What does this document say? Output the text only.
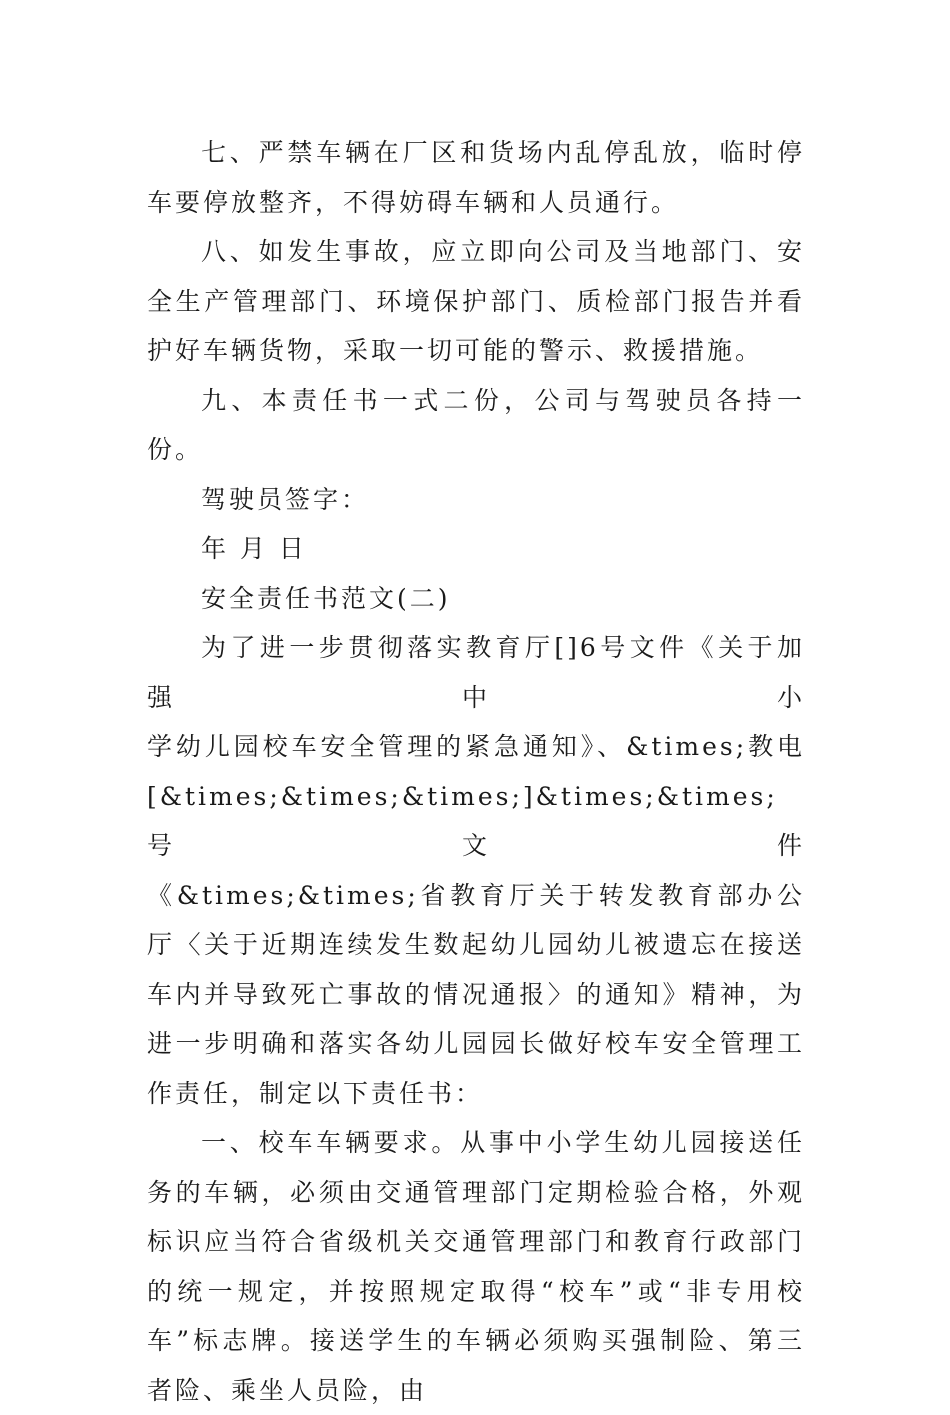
七、严禁车辆在厂区和货场内乱停乱放，临时停车要停放整齐，不得妨碍车辆和人员通行。

八、如发生事故，应立即向公司及当地部门、安全生产管理部门、环境保护部门、质检部门报告并看护好车辆货物，采取一切可能的警示、救援措施。

九、本责任书一式二份，公司与驾驶员各持一份。

驾驶员签字：

年 月 日

安全责任书范文(二)

为了进一步贯彻落实教育厅[]6号文件《关于加强中小

学幼儿园校车安全管理的紧急通知》、&times;教电

[&times;&times;&times;]&times;&times; 号 文 件

《&times;&times;省教育厅关于转发教育部办公厅〈关于近期连续发生数起幼儿园幼儿被遗忘在接送车内并导致死亡事故的情况通报〉的通知》精神，为进一步明确和落实各幼儿园园长做好校车安全管理工作责任，制定以下责任书：

一、校车车辆要求。从事中小学生幼儿园接送任务的车辆，必须由交通管理部门定期检验合格，外观标识应当符合省级机关交通管理部门和教育行政部门的统一规定，并按照规定取得“校车”或“非专用校车”标志牌。接送学生的车辆必须购买强制险、第三者险、乘坐人员险，由
